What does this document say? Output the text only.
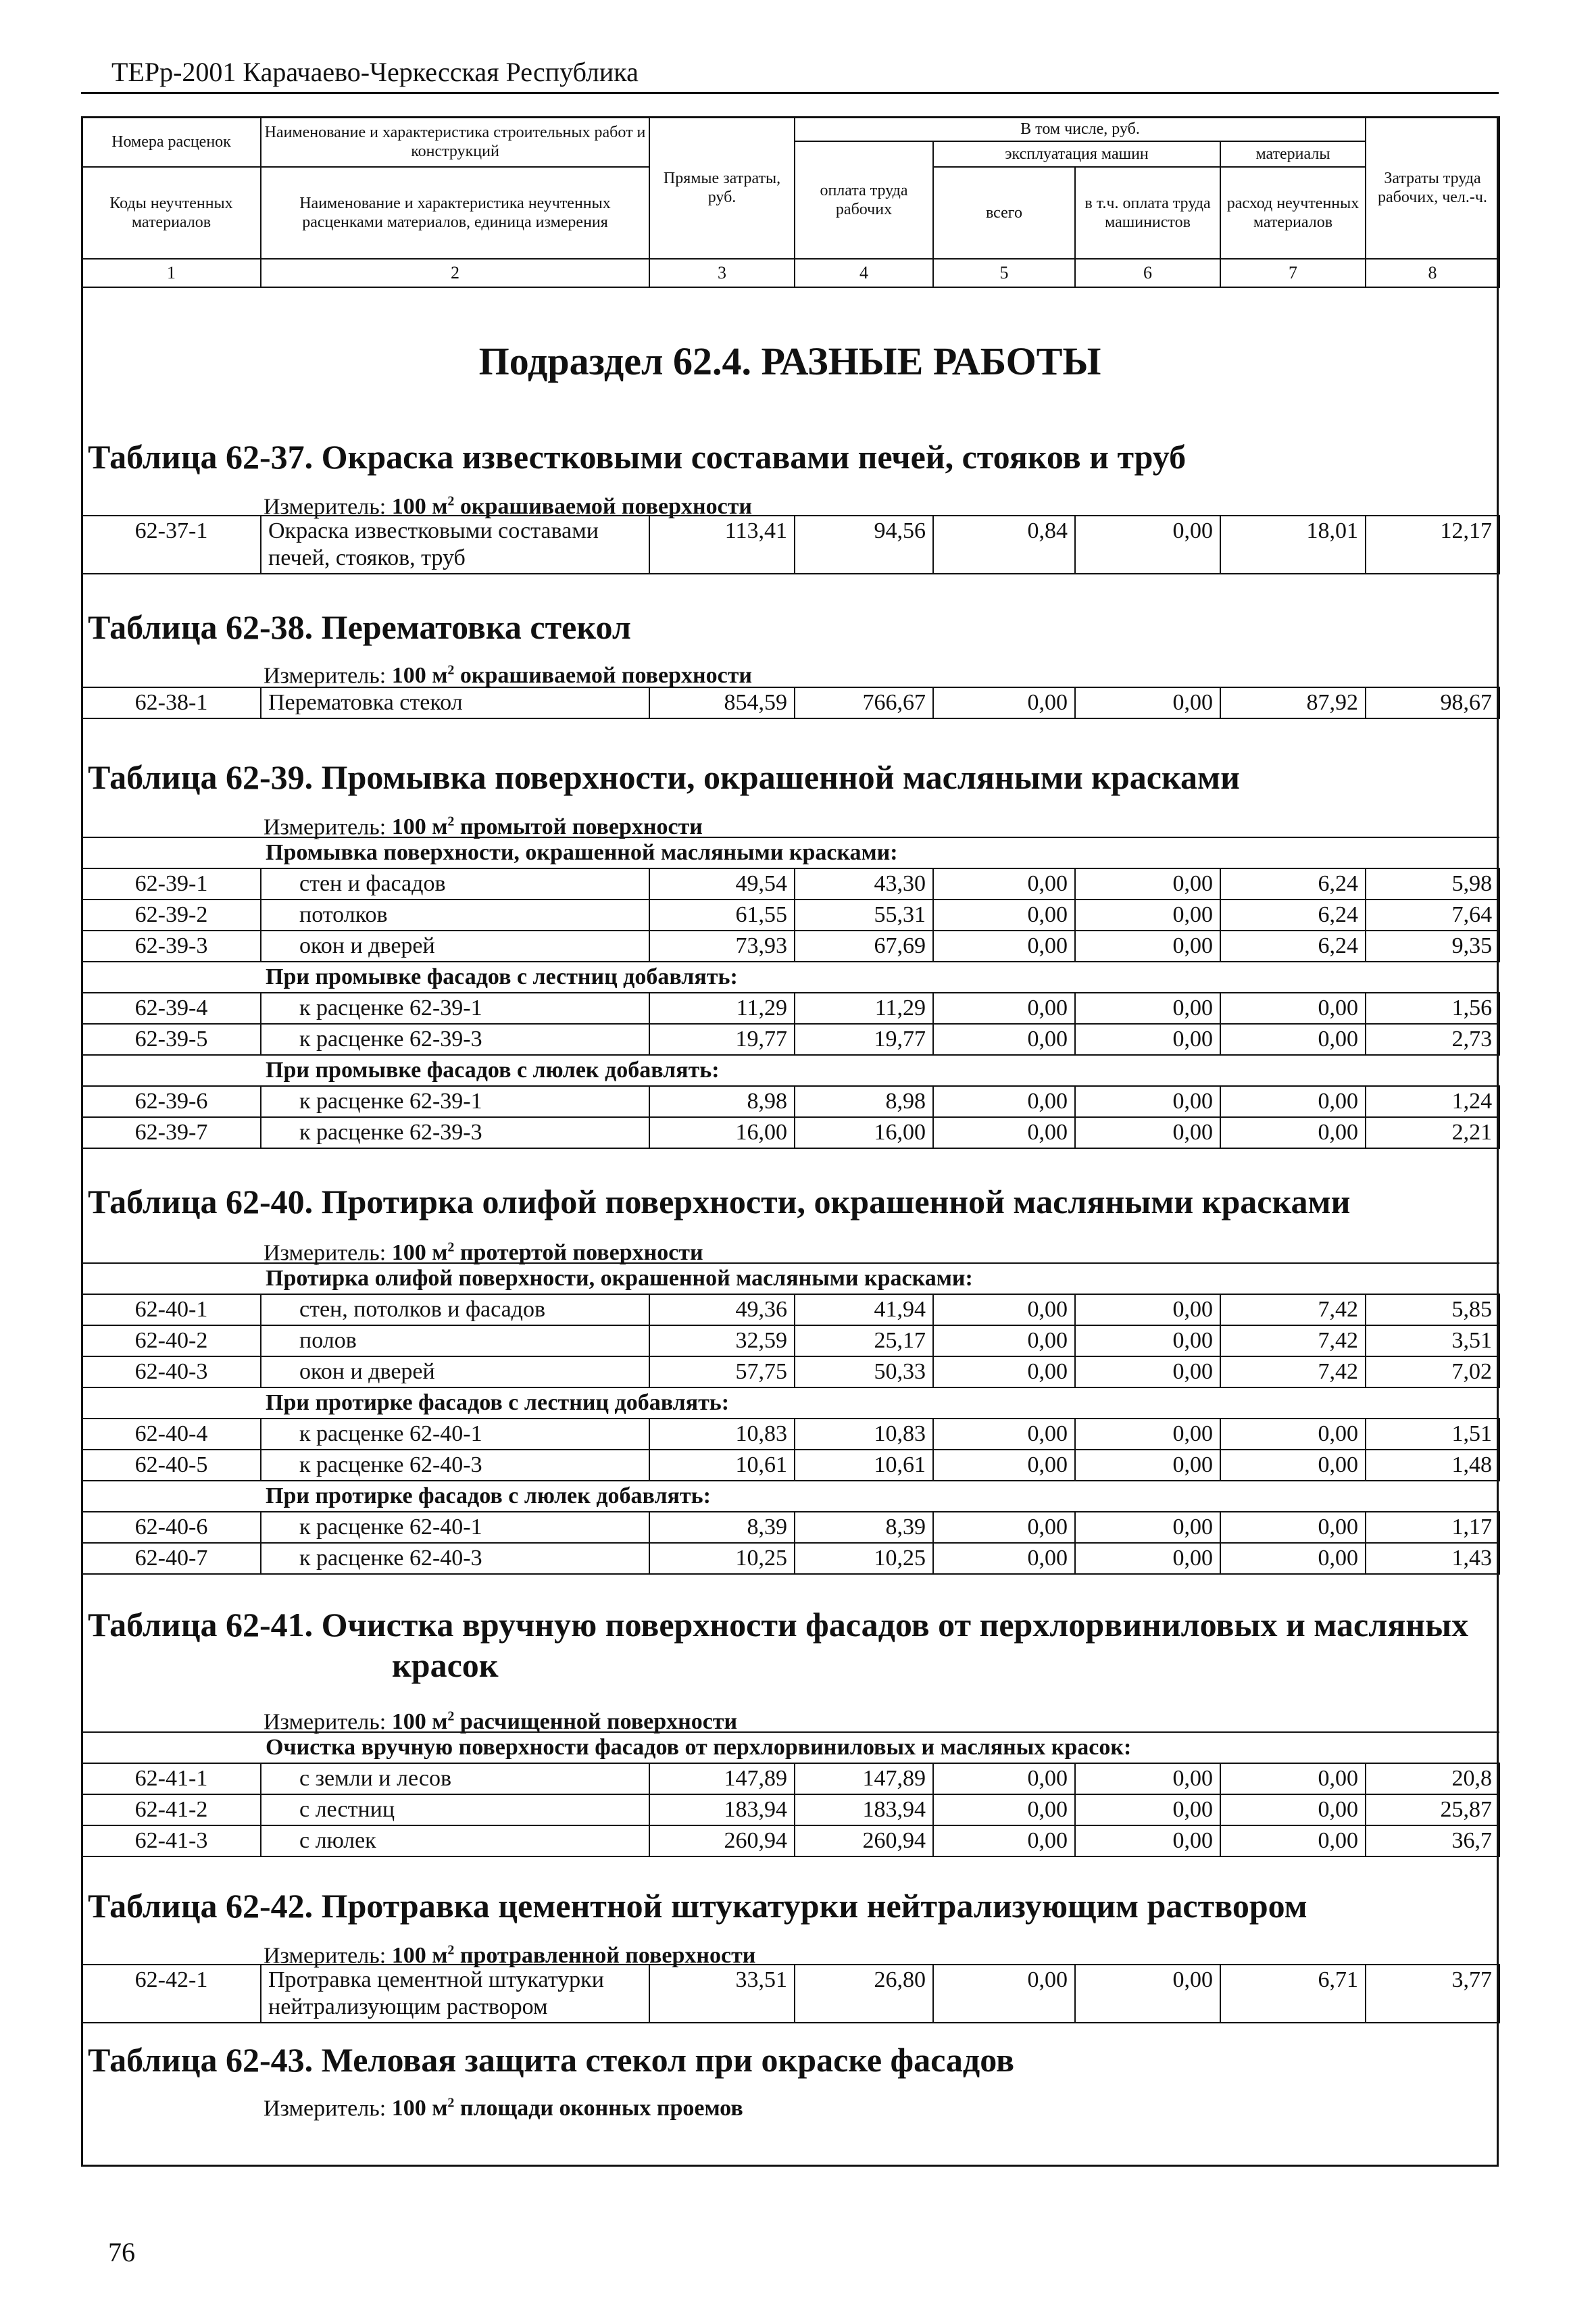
ТЕРр-2001 Карачаево-Черкесская Республика
Номера расценок	Наименование и характеристика строительных работ и конструкций	Прямые затраты, руб.	В том числе, руб.				Затраты труда рабочих, чел.-ч.
			оплата труда рабочих	эксплуатация машин		материалы	
Коды неучтенных материалов	Наименование и характеристика неучтенных расценками материалов, единица измерения			всего	в т.ч. оплата труда машинистов	расход неучтенных материалов	

1	2	3	4	5	6	7	8
Подраздел 62.4. РАЗНЫЕ РАБОТЫ
Таблица 62-37. Окраска известковыми составами печей, стояков и труб
Измеритель: 100 $м^2$ окрашиваемой поверхности
62-37-1	Окраска известковыми составами печей, стояков, труб	113,41	94,56	0,84	0,00	18,01	12,17
Таблица 62-38. Перематовка стекол
Измеритель: 100 $м^2$ окрашиваемой поверхности
62-38-1	Перематовка стекол	854,59	766,67	0,00	0,00	87,92	98,67
Таблица 62-39. Промывка поверхности, окрашенной масляными красками
Измеритель: 100 $м^2$ промытой поверхности
Промывка поверхности, окрашенной масляными красками:							
62-39-1	стен и фасадов	49,54	43,30	0,00	0,00	6,24	5,98
62-39-2	потолков	61,55	55,31	0,00	0,00	6,24	7,64
62-39-3	окон и дверей	73,93	67,69	0,00	0,00	6,24	9,35
При промывке фасадов с лестниц добавлять:							
62-39-4	к расценке 62-39-1	11,29	11,29	0,00	0,00	0,00	1,56
62-39-5	к расценке 62-39-3	19,77	19,77	0,00	0,00	0,00	2,73
При промывке фасадов с люлек добавлять:							
62-39-6	к расценке 62-39-1	8,98	8,98	0,00	0,00	0,00	1,24
62-39-7	к расценке 62-39-3	16,00	16,00	0,00	0,00	0,00	2,21
Таблица 62-40. Протирка олифой поверхности, окрашенной масляными красками
Измеритель: 100 $м^2$ протертой поверхности
Протирка олифой поверхности, окрашенной масляными красками:							
62-40-1	стен, потолков и фасадов	49,36	41,94	0,00	0,00	7,42	5,85
62-40-2	полов	32,59	25,17	0,00	0,00	7,42	3,51
62-40-3	окон и дверей	57,75	50,33	0,00	0,00	7,42	7,02
При протирке фасадов с лестниц добавлять:							
62-40-4	к расценке 62-40-1	10,83	10,83	0,00	0,00	0,00	1,51
62-40-5	к расценке 62-40-3	10,61	10,61	0,00	0,00	0,00	1,48
При протирке фасадов с люлек добавлять:							
62-40-6	к расценке 62-40-1	8,39	8,39	0,00	0,00	0,00	1,17
62-40-7	к расценке 62-40-3	10,25	10,25	0,00	0,00	0,00	1,43
Таблица 62-41. Очистка вручную поверхности фасадов от перхлорвиниловых и масляных
красок
Измеритель: 100 $м^2$ расчищенной поверхности
Очистка вручную поверхности фасадов от перхлорвиниловых и масляных красок:							
62-41-1	с земли и лесов	147,89	147,89	0,00	0,00	0,00	20,8
62-41-2	с лестниц	183,94	183,94	0,00	0,00	0,00	25,87
62-41-3	с люлек	260,94	260,94	0,00	0,00	0,00	36,7
Таблица 62-42. Протравка цементной штукатурки нейтрализующим раствором
Измеритель: 100 $м^2$ протравленной поверхности
62-42-1	Протравка цементной штукатурки нейтрализующим раствором	33,51	26,80	0,00	0,00	6,71	3,77
Таблица 62-43. Меловая защита стекол при окраске фасадов
Измеритель: 100 $м^2$ площади оконных проемов
76
